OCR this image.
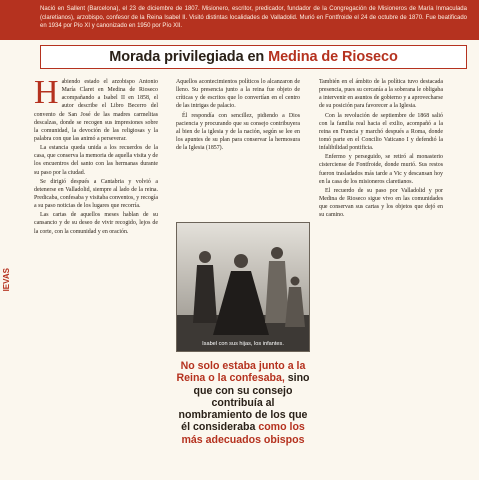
Nació en Sallent (Barcelona), el 23 de diciembre de 1807. Misionero, escritor, predicador, fundador de la Congregación de Misioneros de María Inmaculada (claretianos), arzobispo, confesor de la Reina Isabel II. Visitó distintas localidades de Valladolid. Murió en Fontfroide el 24 de octubre de 1870. Fue beatificado en 1934 por Pío XI y canonizado en 1950 por Pío XII.
Morada privilegiada en Medina de Rioseco
IEVAS
H abiendo estado el arzobispo Antonio María Claret en Medina de Rioseco acompañando a Isabel II en 1858, el autor describe el Libro Becerro del convento de San José de las madres carmelitas descalzas, donde se recogen sus impresiones sobre la comunidad, la devoción de las religiosas y la palabra con que las animó a perseverar.

La estancia queda unida a los recuerdos de la casa, que conserva la memoria de aquella visita y de los encuentros del santo con las hermanas durante su paso por la ciudad.

Se dirigió después a Cantabria y volvió a detenerse en Valladolid, siempre al lado de la reina. Predicaba, confesaba y visitaba conventos, y recogía a su paso noticias de los lugares que recorría.

Las cartas de aquellos meses hablan de su cansancio y de su deseo de vivir recogido, lejos de la corte, con la comunidad y en oración.

Aquellos acontecimientos políticos lo alcanzaron de lleno. Su presencia junto a la reina fue objeto de críticas y de escritos que lo convertían en el centro de las intrigas de palacio.

Él respondía con sencillez, pidiendo a Dios paciencia y procurando que su consejo contribuyera al bien de la iglesia y de la nación, según se lee en los apuntes de su plan para conservar la hermosura de la Iglesia (1857).

Isabel con sus hijas, los infantes.
No solo estaba junto a la Reina o la confesaba, sino que con su consejo contribuía al nombramiento de los que él consideraba como los más adecuados obispos

También en el ámbito de la política tuvo destacada presencia, pues su cercanía a la soberana le obligaba a intervenir en asuntos de gobierno y a aprovecharse de su posición para favorecer a la Iglesia.

Con la revolución de septiembre de 1868 salió con la familia real hacia el exilio, acompañó a la reina en Francia y marchó después a Roma, donde tomó parte en el Concilio Vaticano I y defendió la infalibilidad pontificia.

Enfermo y perseguido, se retiró al monasterio cisterciense de Fontfroide, donde murió. Sus restos fueron trasladados más tarde a Vic y descansan hoy en la casa de los misioneros claretianos.

El recuerdo de su paso por Valladolid y por Medina de Rioseco sigue vivo en las comunidades que conservan sus cartas y los objetos que dejó en su camino.
